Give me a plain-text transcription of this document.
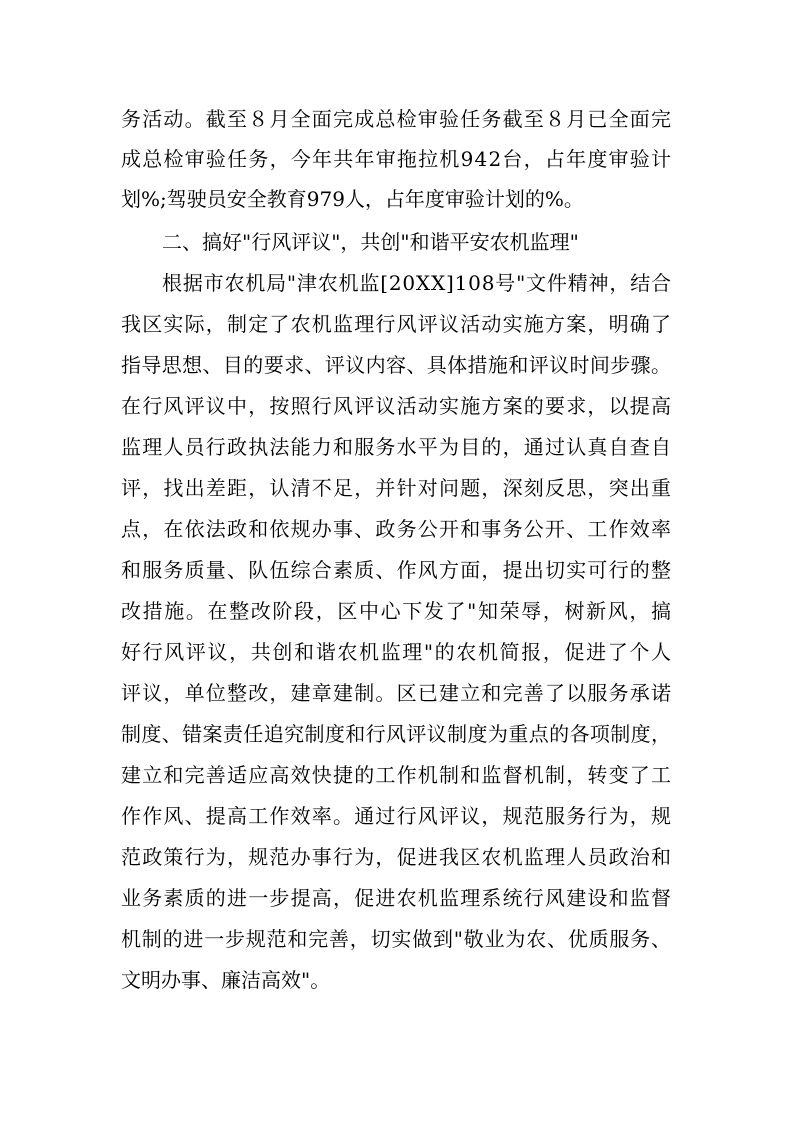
务活动。截至８月全面完成总检审验任务截至８月已全面完
成总检审验任务，今年共年审拖拉机942台，占年度审验计
划%;驾驶员安全教育979人，占年度审验计划的%。
二、搞好"行风评议"，共创"和谐平安农机监理"
根据市农机局"津农机监[20XX]108号"文件精神，结合
我区实际，制定了农机监理行风评议活动实施方案，明确了
指导思想、目的要求、评议内容、具体措施和评议时间步骤。
在行风评议中，按照行风评议活动实施方案的要求，以提高
监理人员行政执法能力和服务水平为目的，通过认真自查自
评，找出差距，认清不足，并针对问题，深刻反思，突出重
点，在依法政和依规办事、政务公开和事务公开、工作效率
和服务质量、队伍综合素质、作风方面，提出切实可行的整
改措施。在整改阶段，区中心下发了"知荣辱，树新风，搞
好行风评议，共创和谐农机监理"的农机简报，促进了个人
评议，单位整改，建章建制。区已建立和完善了以服务承诺
制度、错案责任追究制度和行风评议制度为重点的各项制度，
建立和完善适应高效快捷的工作机制和监督机制，转变了工
作作风、提高工作效率。通过行风评议，规范服务行为，规
范政策行为，规范办事行为，促进我区农机监理人员政治和
业务素质的进一步提高，促进农机监理系统行风建设和监督
机制的进一步规范和完善，切实做到"敬业为农、优质服务、
文明办事、廉洁高效"。
